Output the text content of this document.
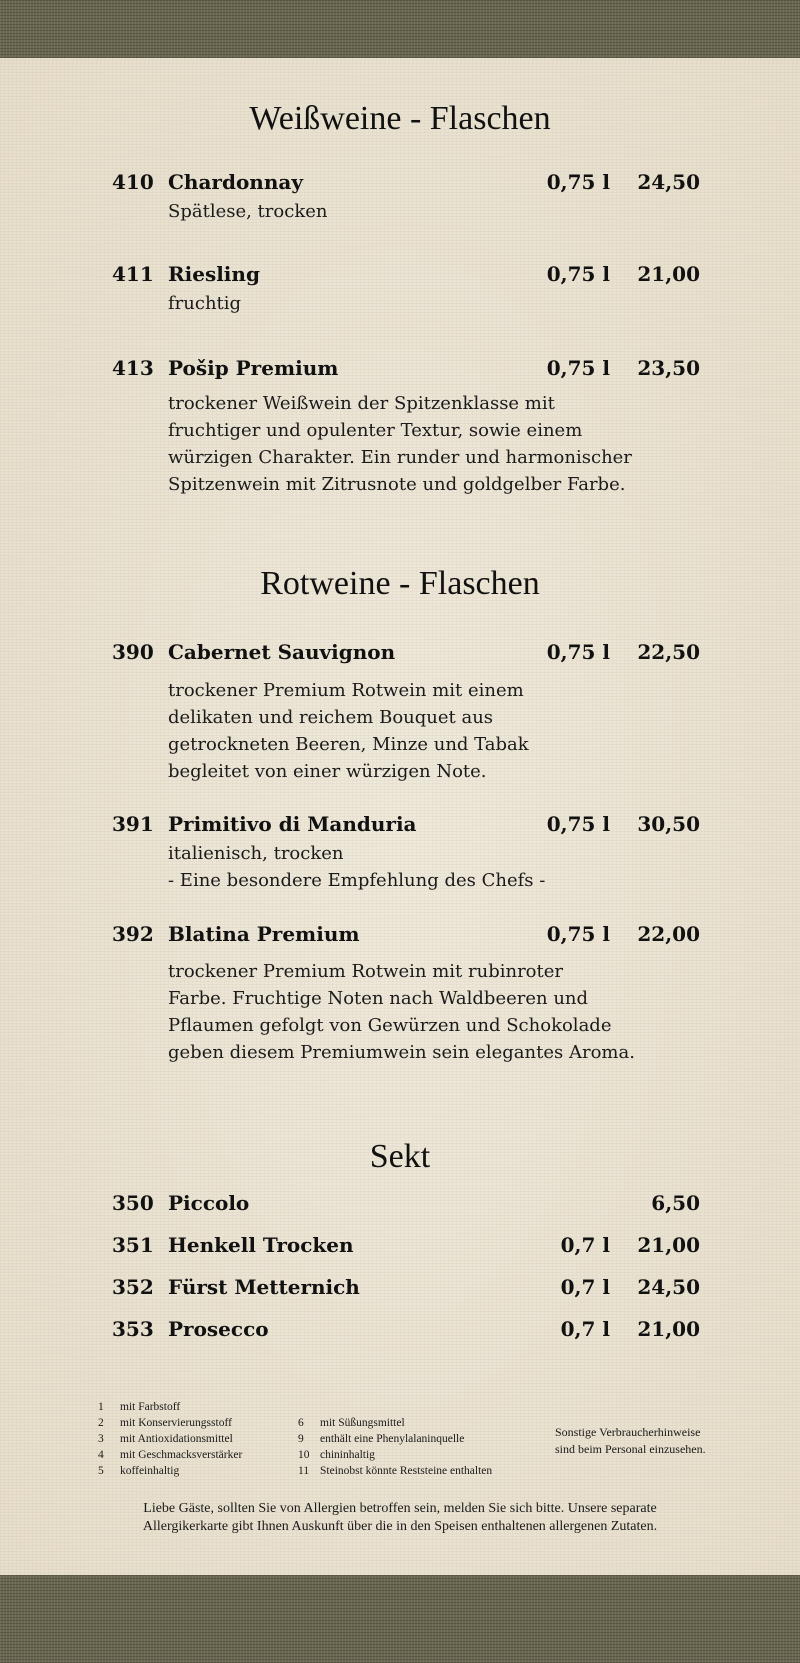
Weißweine - Flaschen
410 Chardonnay	0,75 l 24,50
Spätlese, trocken
411 Riesling	0,75 l 21,00
fruchtig
413 Pošip Premium	0,75 l 23,50
trockener Weißwein der Spitzenklasse mit
fruchtiger und opulenter Textur, sowie einem
würzigen Charakter. Ein runder und harmonischer
Spitzenwein mit Zitrusnote und goldgelber Farbe.
Rotweine - Flaschen
390 Cabernet Sauvignon	0,75 l 22,50
trockener Premium Rotwein mit einem
delikaten und reichem Bouquet aus
getrockneten Beeren, Minze und Tabak
begleitet von einer würzigen Note.
391 Primitivo di Manduria	0,75 l 30,50
italienisch, trocken
- Eine besondere Empfehlung des Chefs -
392 Blatina Premium	0,75 l 22,00
trockener Premium Rotwein mit rubinroter
Farbe. Fruchtige Noten nach Waldbeeren und
Pflaumen gefolgt von Gewürzen und Schokolade
geben diesem Premiumwein sein elegantes Aroma.
Sekt
350 Piccolo	6,50
351 Henkell Trocken	0,7 l 21,00
352 Fürst Metternich	0,7 l 24,50
353 Prosecco	0,7 l 21,00
1 mit Farbstoff
2 mit Konservierungsstoff
3 mit Antioxidationsmittel
4 mit Geschmacksverstärker
5 koffeinhaltig
6 mit Süßungsmittel
9 enthält eine Phenylalaninquelle
10 chininhaltig
11 Steinobst könnte Reststeine enthalten
Sonstige Verbraucherhinweise
sind beim Personal einzusehen.
Liebe Gäste, sollten Sie von Allergien betroffen sein, melden Sie sich bitte. Unsere separate
Allergikerkarte gibt Ihnen Auskunft über die in den Speisen enthaltenen allergenen Zutaten.
